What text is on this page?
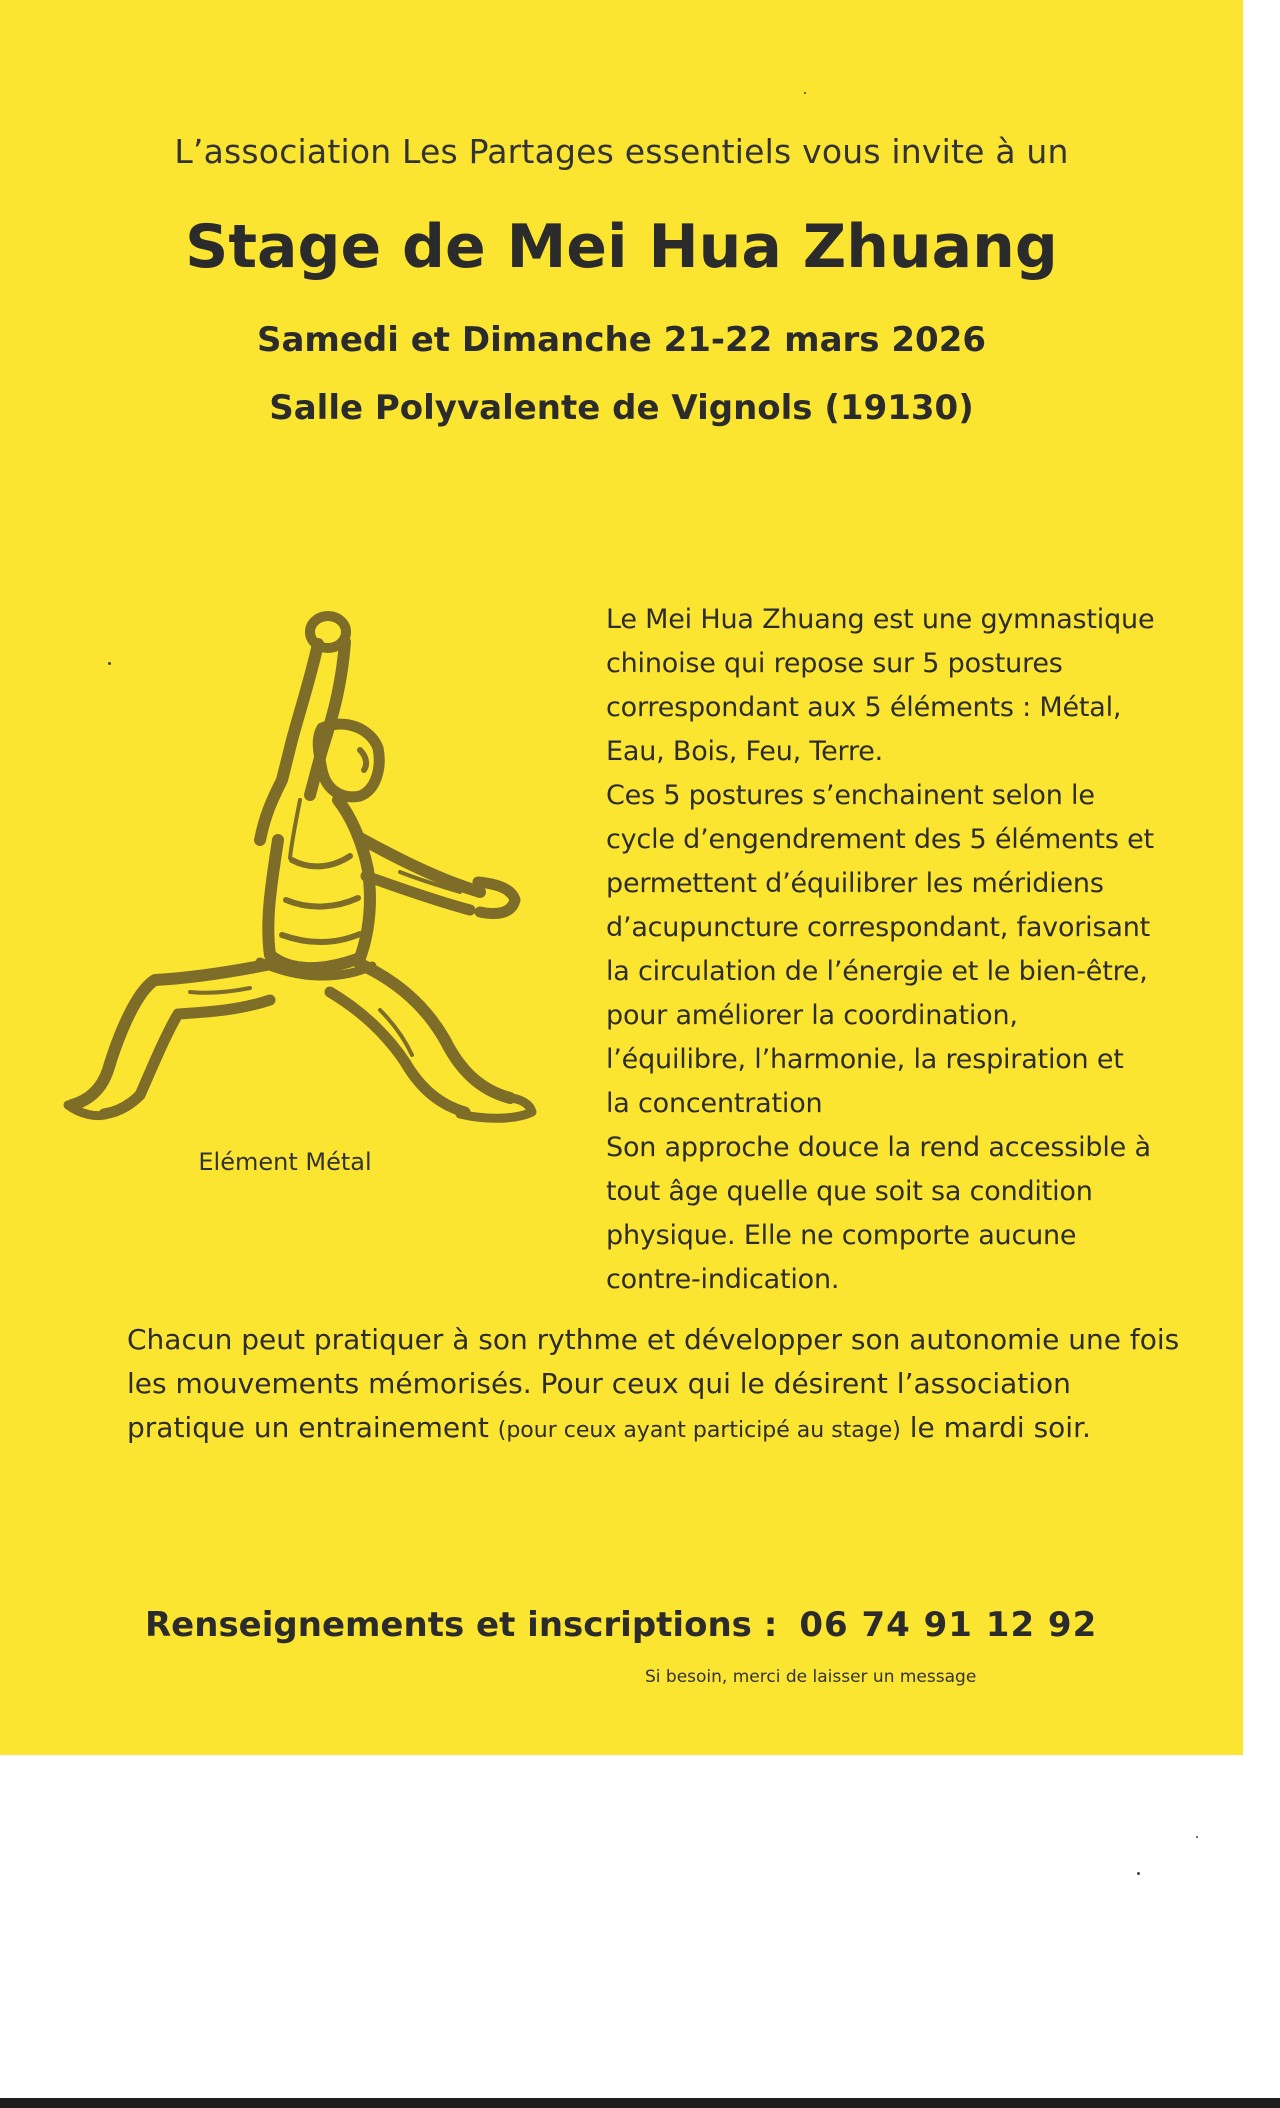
L’association Les Partages essentiels vous invite à un
Stage de Mei Hua Zhuang
Samedi et Dimanche 21-22 mars 2026
Salle Polyvalente de Vignols (19130)
Elément Métal

Le Mei Hua Zhuang est une gymnastique

chinoise qui repose sur 5 postures

correspondant aux 5 éléments : Métal,

Eau, Bois, Feu, Terre.

Ces 5 postures s’enchainent selon le

cycle d’engendrement des 5 éléments et

permettent d’équilibrer les méridiens

d’acupuncture correspondant, favorisant

la circulation de l’énergie et le bien-être,

pour améliorer la coordination,

l’équilibre, l’harmonie, la respiration et

la concentration

Son approche douce la rend accessible à

tout âge quelle que soit sa condition

physique. Elle ne comporte aucune

contre-indication.

Chacun peut pratiquer à son rythme et développer son autonomie une fois
les mouvements mémorisés. Pour ceux qui le désirent l’association
pratique un entrainement (pour ceux ayant participé au stage) le mardi soir.
Renseignements et inscriptions : 06 74 91 12 92
Si besoin, merci de laisser un message
